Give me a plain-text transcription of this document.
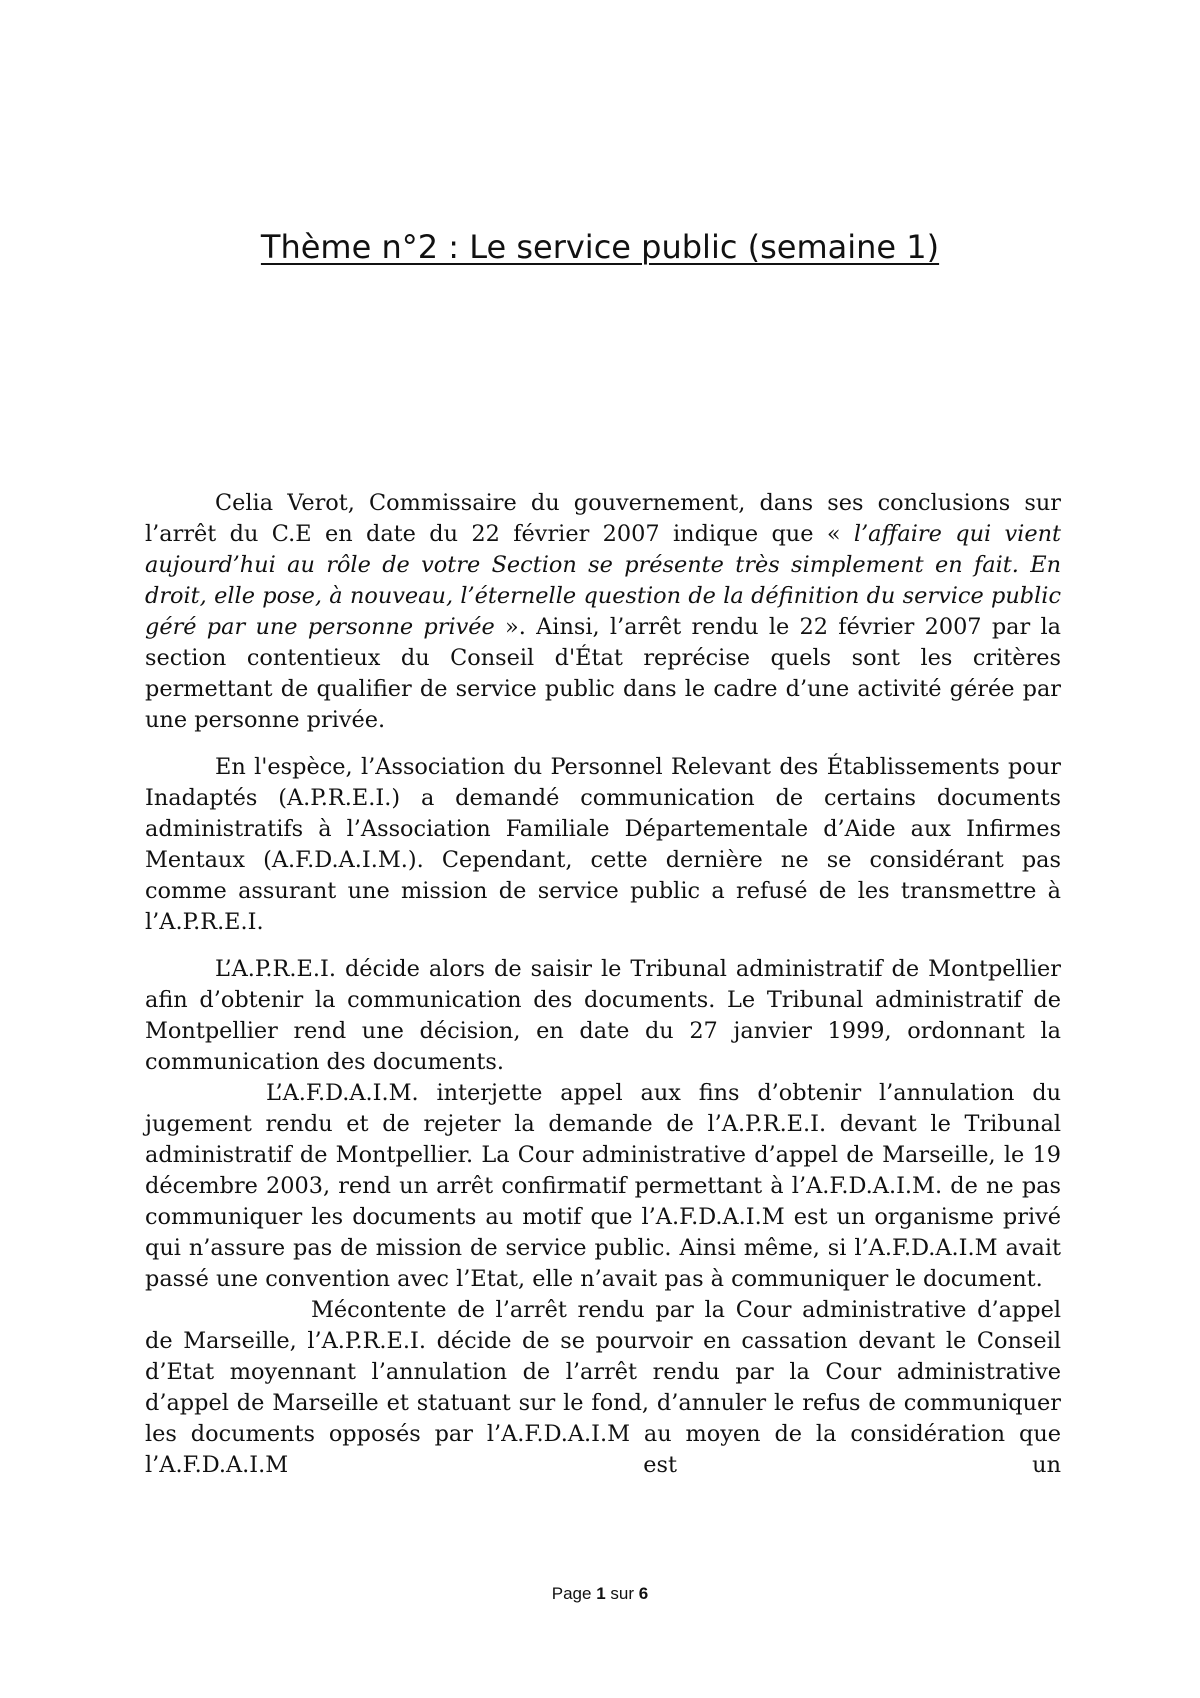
Thème n°2 : Le service public (semaine 1)

Celia Verot, Commissaire du gouvernement, dans ses conclusions sur l’arrêt du C.E en date du 22 février 2007 indique que « l’affaire qui vient aujourd’hui au rôle de votre Section se présente très simplement en fait. En droit, elle pose, à nouveau, l’éternelle question de la définition du service public géré par une personne privée ». Ainsi, l’arrêt rendu le 22 février 2007 par la section contentieux du Conseil d'État reprécise quels sont les critères permettant de qualifier de service public dans le cadre d’une activité gérée par une personne privée.

En l'espèce, l’Association du Personnel Relevant des Établissements pour Inadaptés (A.P.R.E.I.) a demandé communication de certains documents administratifs à l’Association Familiale Départementale d’Aide aux Infirmes Mentaux (A.F.D.A.I.M.). Cependant, cette dernière ne se considérant pas comme assurant une mission de service public a refusé de les transmettre à l’A.P.R.E.I.

L’A.P.R.E.I. décide alors de saisir le Tribunal administratif de Montpellier afin d’obtenir la communication des documents. Le Tribunal administratif de Montpellier rend une décision, en date du 27 janvier 1999, ordonnant la communication des documents.

L’A.F.D.A.I.M. interjette appel aux fins d’obtenir l’annulation du jugement rendu et de rejeter la demande de l’A.P.R.E.I. devant le Tribunal administratif de Montpellier. La Cour administrative d’appel de Marseille, le 19 décembre 2003, rend un arrêt confirmatif permettant à l’A.F.D.A.I.M. de ne pas communiquer les documents au motif que l’A.F.D.A.I.M est un organisme privé qui n’assure pas de mission de service public. Ainsi même, si l’A.F.D.A.I.M avait passé une convention avec l’Etat, elle n’avait pas à communiquer le document.

Mécontente de l’arrêt rendu par la Cour administrative d’appel de Marseille, l’A.P.R.E.I. décide de se pourvoir en cassation devant le Conseil d’Etat moyennant l’annulation de l’arrêt rendu par la Cour administrative d’appel de Marseille et statuant sur le fond, d’annuler le refus de communiquer les documents opposés par l’A.F.D.A.I.M au moyen de la considération que l’A.F.D.A.I.M est un

Page 1 sur 6
